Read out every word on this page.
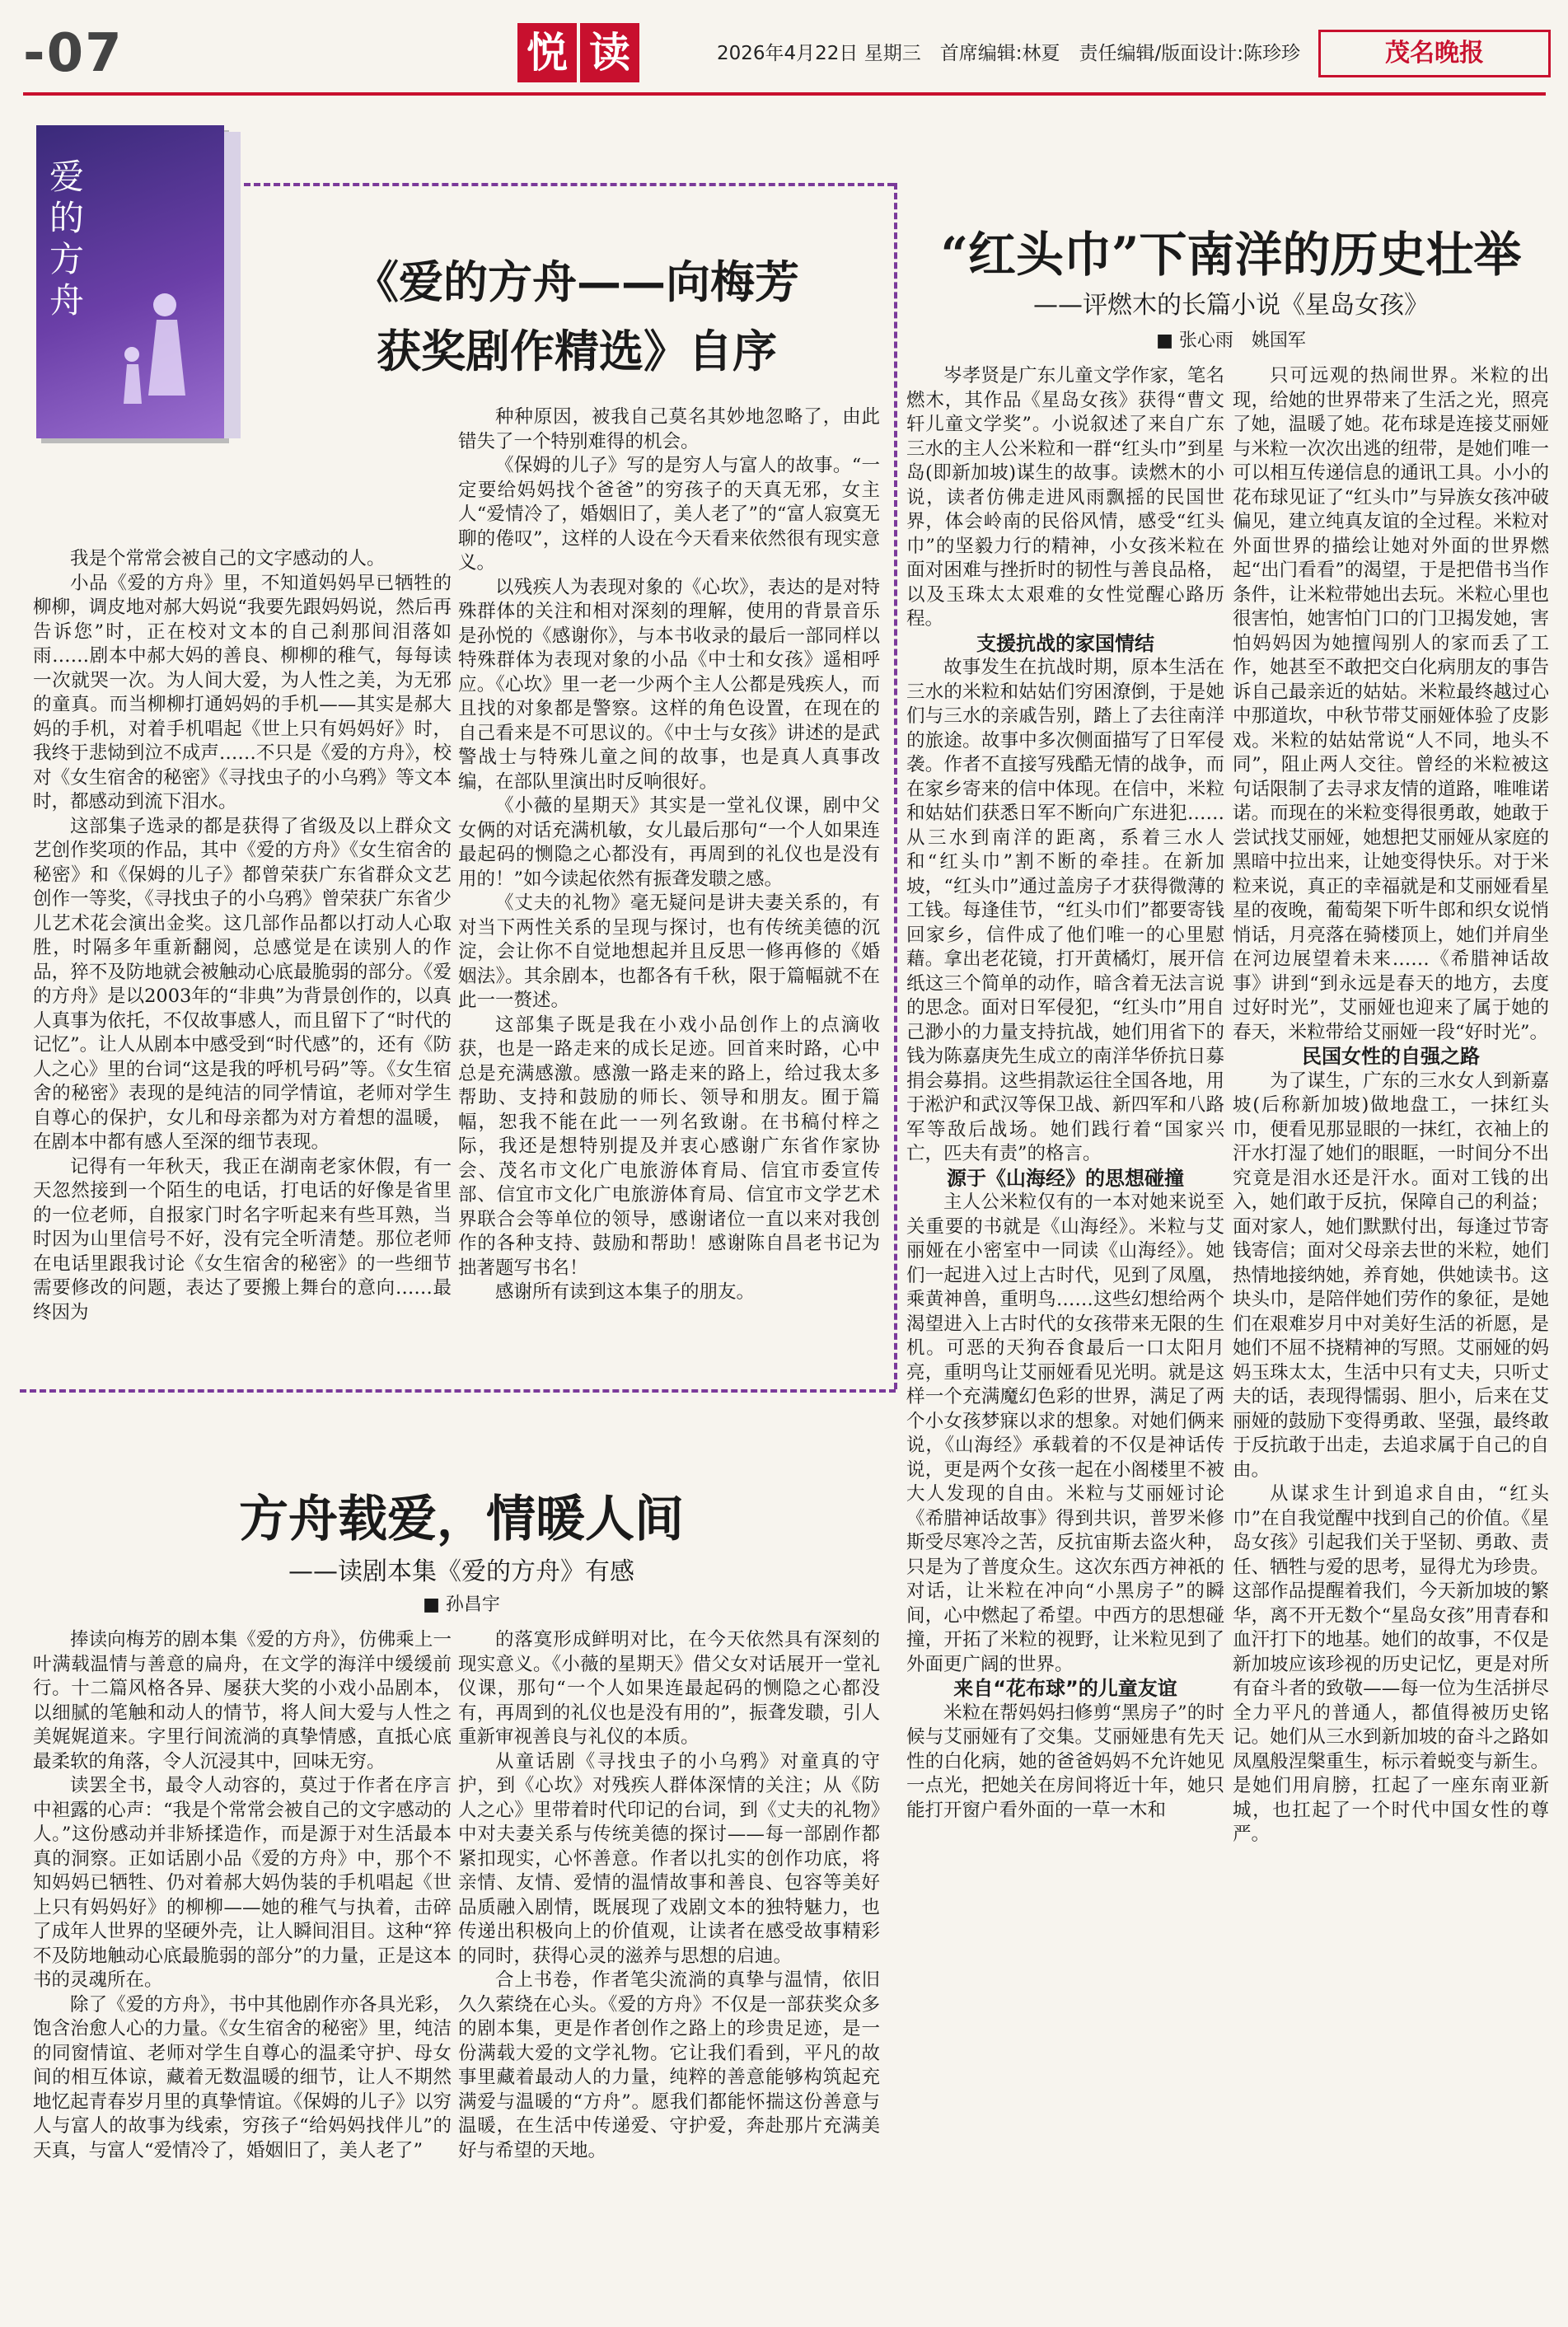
-07	悦 读	2026年4月22日 星期三　首席编辑:林夏　责任编辑/版面设计:陈珍珍	茂名晚报
爱的方舟	《爱的方舟——向梅芳
获奖剧作精选》自序

我是个常常会被自己的文字感动的人。

小品《爱的方舟》里，不知道妈妈早已牺牲的柳柳，调皮地对郝大妈说“我要先跟妈妈说，然后再告诉您”时，正在校对文本的自己刹那间泪落如雨……剧本中郝大妈的善良、柳柳的稚气，每每读一次就哭一次。为人间大爱，为人性之美，为无邪的童真。而当柳柳打通妈妈的手机——其实是郝大妈的手机，对着手机唱起《世上只有妈妈好》时，我终于悲恸到泣不成声……不只是《爱的方舟》，校对《女生宿舍的秘密》《寻找虫子的小乌鸦》等文本时，都感动到流下泪水。

这部集子选录的都是获得了省级及以上群众文艺创作奖项的作品，其中《爱的方舟》《女生宿舍的秘密》和《保姆的儿子》都曾荣获广东省群众文艺创作一等奖，《寻找虫子的小乌鸦》曾荣获广东省少儿艺术花会演出金奖。这几部作品都以打动人心取胜，时隔多年重新翻阅，总感觉是在读别人的作品，猝不及防地就会被触动心底最脆弱的部分。《爱的方舟》是以2003年的“非典”为背景创作的，以真人真事为依托，不仅故事感人，而且留下了“时代的记忆”。让人从剧本中感受到“时代感”的，还有《防人之心》里的台词“这是我的呼机号码”等。《女生宿舍的秘密》表现的是纯洁的同学情谊，老师对学生自尊心的保护，女儿和母亲都为对方着想的温暖，在剧本中都有感人至深的细节表现。

记得有一年秋天，我正在湖南老家休假，有一天忽然接到一个陌生的电话，打电话的好像是省里的一位老师，自报家门时名字听起来有些耳熟，当时因为山里信号不好，没有完全听清楚。那位老师在电话里跟我讨论《女生宿舍的秘密》的一些细节需要修改的问题，表达了要搬上舞台的意向……最终因为

种种原因，被我自己莫名其妙地忽略了，由此错失了一个特别难得的机会。

《保姆的儿子》写的是穷人与富人的故事。“一定要给妈妈找个爸爸”的穷孩子的天真无邪，女主人“爱情冷了，婚姻旧了，美人老了”的“富人寂寞无聊的倦叹”，这样的人设在今天看来依然很有现实意义。

以残疾人为表现对象的《心坎》，表达的是对特殊群体的关注和相对深刻的理解，使用的背景音乐是孙悦的《感谢你》，与本书收录的最后一部同样以特殊群体为表现对象的小品《中士和女孩》遥相呼应。《心坎》里一老一少两个主人公都是残疾人，而且找的对象都是警察。这样的角色设置，在现在的自己看来是不可思议的。《中士与女孩》讲述的是武警战士与特殊儿童之间的故事，也是真人真事改编，在部队里演出时反响很好。

《小薇的星期天》其实是一堂礼仪课，剧中父女俩的对话充满机敏，女儿最后那句“一个人如果连最起码的恻隐之心都没有，再周到的礼仪也是没有用的！”如今读起依然有振聋发聩之感。

《丈夫的礼物》毫无疑问是讲夫妻关系的，有对当下两性关系的呈现与探讨，也有传统美德的沉淀，会让你不自觉地想起并且反思一修再修的《婚姻法》。其余剧本，也都各有千秋，限于篇幅就不在此一一赘述。

这部集子既是我在小戏小品创作上的点滴收获，也是一路走来的成长足迹。回首来时路，心中总是充满感激。感激一路走来的路上，给过我太多帮助、支持和鼓励的师长、领导和朋友。囿于篇幅，恕我不能在此一一列名致谢。在书稿付梓之际，我还是想特别提及并衷心感谢广东省作家协会、茂名市文化广电旅游体育局、信宜市委宣传部、信宜市文化广电旅游体育局、信宜市文学艺术界联合会等单位的领导，感谢诸位一直以来对我创作的各种支持、鼓励和帮助！感谢陈自昌老书记为拙著题写书名！

感谢所有读到这本集子的朋友。

“红头巾”下南洋的历史壮举
——评燃木的长篇小说《星岛女孩》
■ 张心雨　姚国军

岑孝贤是广东儿童文学作家，笔名燃木，其作品《星岛女孩》获得“曹文轩儿童文学奖”。小说叙述了来自广东三水的主人公米粒和一群“红头巾”到星岛(即新加坡)谋生的故事。读燃木的小说，读者仿佛走进风雨飘摇的民国世界，体会岭南的民俗风情，感受“红头巾”的坚毅力行的精神，小女孩米粒在面对困难与挫折时的韧性与善良品格，以及玉珠太太艰难的女性觉醒心路历程。

支援抗战的家国情结

故事发生在抗战时期，原本生活在三水的米粒和姑姑们穷困潦倒，于是她们与三水的亲戚告别，踏上了去往南洋的旅途。故事中多次侧面描写了日军侵袭。作者不直接写残酷无情的战争，而在家乡寄来的信中体现。在信中，米粒和姑姑们获悉日军不断向广东进犯……从三水到南洋的距离，系着三水人和“红头巾”割不断的牵挂。在新加坡，“红头巾”通过盖房子才获得微薄的工钱。每逢佳节，“红头巾们”都要寄钱回家乡，信件成了他们唯一的心里慰藉。拿出老花镜，打开黄橘灯，展开信纸这三个简单的动作，暗含着无法言说的思念。面对日军侵犯，“红头巾”用自己渺小的力量支持抗战，她们用省下的钱为陈嘉庚先生成立的南洋华侨抗日募捐会募捐。这些捐款运往全国各地，用于淞沪和武汉等保卫战、新四军和八路军等敌后战场。她们践行着“国家兴亡，匹夫有责”的格言。

源于《山海经》的思想碰撞

主人公米粒仅有的一本对她来说至关重要的书就是《山海经》。米粒与艾丽娅在小密室中一同读《山海经》。她们一起进入过上古时代，见到了凤凰，乘黄神兽，重明鸟……这些幻想给两个渴望进入上古时代的女孩带来无限的生机。可恶的天狗吞食最后一口太阳月亮，重明鸟让艾丽娅看见光明。就是这样一个充满魔幻色彩的世界，满足了两个小女孩梦寐以求的想象。对她们俩来说，《山海经》承载着的不仅是神话传说，更是两个女孩一起在小阁楼里不被大人发现的自由。米粒与艾丽娅讨论《希腊神话故事》得到共识，普罗米修斯受尽寒冷之苦，反抗宙斯去盗火种，只是为了普度众生。这次东西方神祇的对话，让米粒在冲向“小黑房子”的瞬间，心中燃起了希望。中西方的思想碰撞，开拓了米粒的视野，让米粒见到了外面更广阔的世界。

来自“花布球”的儿童友谊

米粒在帮妈妈扫修剪“黑房子”的时候与艾丽娅有了交集。艾丽娅患有先天性的白化病，她的爸爸妈妈不允许她见一点光，把她关在房间将近十年，她只能打开窗户看外面的一草一木和

只可远观的热闹世界。米粒的出现，给她的世界带来了生活之光，照亮了她，温暖了她。花布球是连接艾丽娅与米粒一次次出逃的纽带，是她们唯一可以相互传递信息的通讯工具。小小的花布球见证了“红头巾”与异族女孩冲破偏见，建立纯真友谊的全过程。米粒对外面世界的描绘让她对外面的世界燃起“出门看看”的渴望，于是把借书当作条件，让米粒带她出去玩。米粒心里也很害怕，她害怕门口的门卫揭发她，害怕妈妈因为她擅闯别人的家而丢了工作，她甚至不敢把交白化病朋友的事告诉自己最亲近的姑姑。米粒最终越过心中那道坎，中秋节带艾丽娅体验了皮影戏。米粒的姑姑常说“人不同，地头不同”，阻止两人交往。曾经的米粒被这句话限制了去寻求友情的道路，唯唯诺诺。而现在的米粒变得很勇敢，她敢于尝试找艾丽娅，她想把艾丽娅从家庭的黑暗中拉出来，让她变得快乐。对于米粒来说，真正的幸福就是和艾丽娅看星星的夜晚，葡萄架下听牛郎和织女说悄悄话，月亮落在骑楼顶上，她们并肩坐在河边展望着未来……《希腊神话故事》讲到“到永远是春天的地方，去度过好时光”，艾丽娅也迎来了属于她的春天，米粒带给艾丽娅一段“好时光”。

民国女性的自强之路

为了谋生，广东的三水女人到新嘉坡(后称新加坡)做地盘工，一抹红头巾，便看见那显眼的一抹红，衣袖上的汗水打湿了她们的眼眶，一时间分不出究竟是泪水还是汗水。面对工钱的出入，她们敢于反抗，保障自己的利益；面对家人，她们默默付出，每逢过节寄钱寄信；面对父母亲去世的米粒，她们热情地接纳她，养育她，供她读书。这块头巾，是陪伴她们劳作的象征，是她们在艰难岁月中对美好生活的祈愿，是她们不屈不挠精神的写照。艾丽娅的妈妈玉珠太太，生活中只有丈夫，只听丈夫的话，表现得懦弱、胆小，后来在艾丽娅的鼓励下变得勇敢、坚强，最终敢于反抗敢于出走，去追求属于自己的自由。

从谋求生计到追求自由，“红头巾”在自我觉醒中找到自己的价值。《星岛女孩》引起我们关于坚韧、勇敢、责任、牺牲与爱的思考，显得尤为珍贵。这部作品提醒着我们，今天新加坡的繁华，离不开无数个“星岛女孩”用青春和血汗打下的地基。她们的故事，不仅是新加坡应该珍视的历史记忆，更是对所有奋斗者的致敬——每一位为生活拼尽全力平凡的普通人，都值得被历史铭记。她们从三水到新加坡的奋斗之路如凤凰般涅槃重生，标示着蜕变与新生。是她们用肩膀，扛起了一座东南亚新城，也扛起了一个时代中国女性的尊严。

方舟载爱，情暖人间
——读剧本集《爱的方舟》有感
■ 孙昌宇

捧读向梅芳的剧本集《爱的方舟》，仿佛乘上一叶满载温情与善意的扁舟，在文学的海洋中缓缓前行。十二篇风格各异、屡获大奖的小戏小品剧本，以细腻的笔触和动人的情节，将人间大爱与人性之美娓娓道来。字里行间流淌的真挚情感，直抵心底最柔软的角落，令人沉浸其中，回味无穷。

读罢全书，最令人动容的，莫过于作者在序言中袒露的心声：“我是个常常会被自己的文字感动的人。”这份感动并非矫揉造作，而是源于对生活最本真的洞察。正如话剧小品《爱的方舟》中，那个不知妈妈已牺牲、仍对着郝大妈伪装的手机唱起《世上只有妈妈好》的柳柳——她的稚气与执着，击碎了成年人世界的坚硬外壳，让人瞬间泪目。这种“猝不及防地触动心底最脆弱的部分”的力量，正是这本书的灵魂所在。

除了《爱的方舟》，书中其他剧作亦各具光彩，饱含治愈人心的力量。《女生宿舍的秘密》里，纯洁的同窗情谊、老师对学生自尊心的温柔守护、母女间的相互体谅，藏着无数温暖的细节，让人不期然地忆起青春岁月里的真挚情谊。《保姆的儿子》以穷人与富人的故事为线索，穷孩子“给妈妈找伴儿”的天真，与富人“爱情冷了，婚姻旧了，美人老了”

的落寞形成鲜明对比，在今天依然具有深刻的现实意义。《小薇的星期天》借父女对话展开一堂礼仪课，那句“一个人如果连最起码的恻隐之心都没有，再周到的礼仪也是没有用的”，振聋发聩，引人重新审视善良与礼仪的本质。

从童话剧《寻找虫子的小乌鸦》对童真的守护，到《心坎》对残疾人群体深情的关注；从《防人之心》里带着时代印记的台词，到《丈夫的礼物》中对夫妻关系与传统美德的探讨——每一部剧作都紧扣现实，心怀善意。作者以扎实的创作功底，将亲情、友情、爱情的温情故事和善良、包容等美好品质融入剧情，既展现了戏剧文本的独特魅力，也传递出积极向上的价值观，让读者在感受故事精彩的同时，获得心灵的滋养与思想的启迪。

合上书卷，作者笔尖流淌的真挚与温情，依旧久久萦绕在心头。《爱的方舟》不仅是一部获奖众多的剧本集，更是作者创作之路上的珍贵足迹，是一份满载大爱的文学礼物。它让我们看到，平凡的故事里藏着最动人的力量，纯粹的善意能够构筑起充满爱与温暖的“方舟”。愿我们都能怀揣这份善意与温暖，在生活中传递爱、守护爱，奔赴那片充满美好与希望的天地。
